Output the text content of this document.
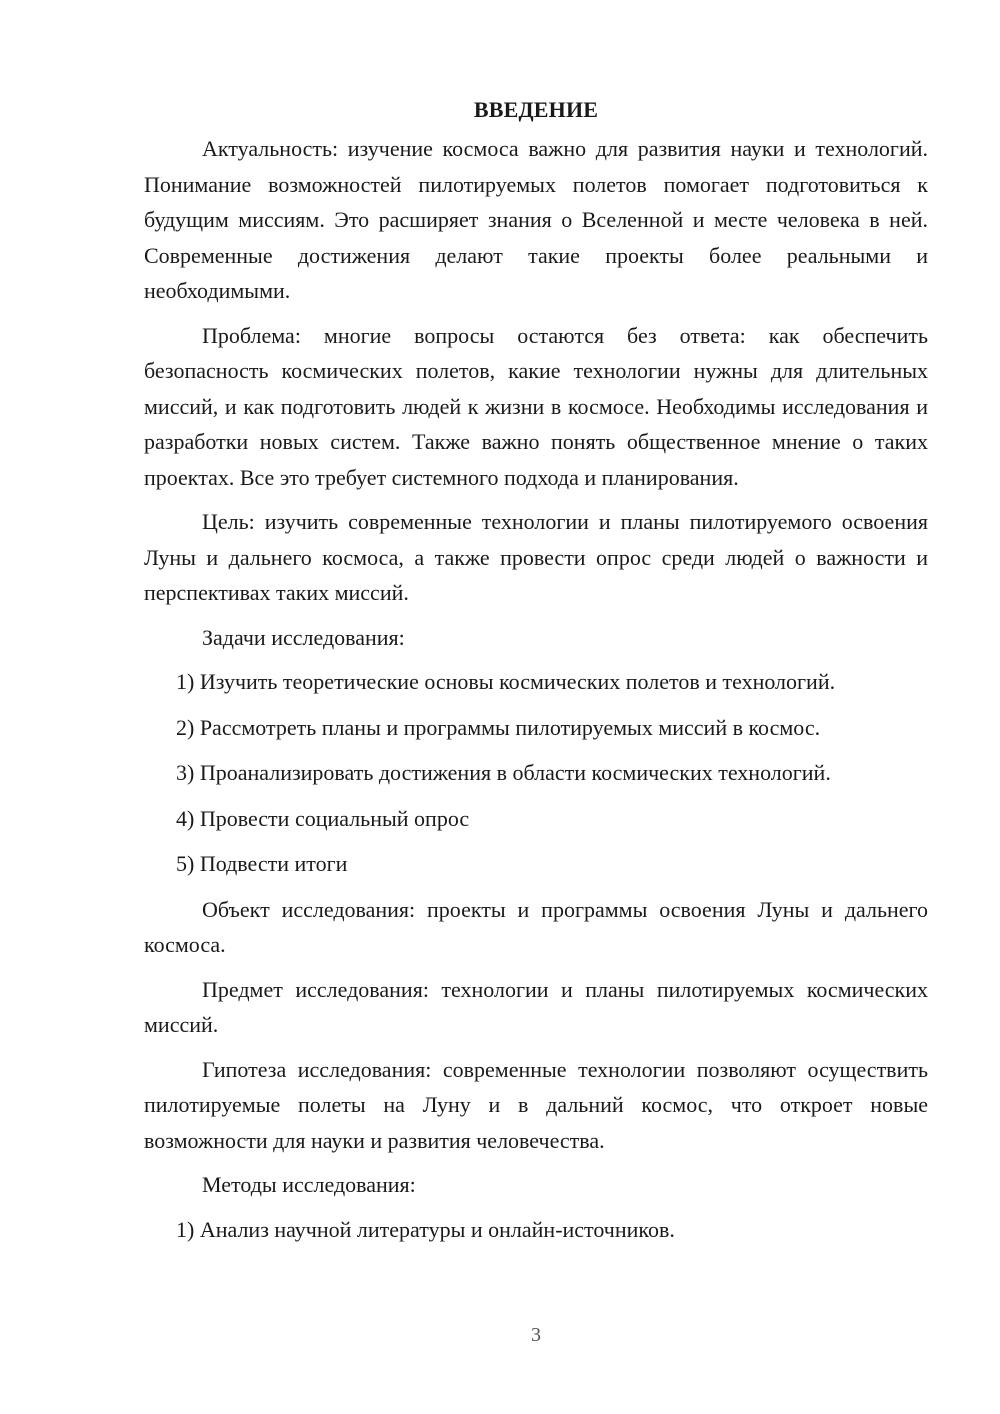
ВВЕДЕНИЕ

Актуальность: изучение космоса важно для развития науки и технологий. Понимание возможностей пилотируемых полетов помогает подготовиться к будущим миссиям. Это расширяет знания о Вселенной и месте человека в ней. Современные достижения делают такие проекты более реальными и необходимыми.

Проблема: многие вопросы остаются без ответа: как обеспечить безопасность космических полетов, какие технологии нужны для длительных миссий, и как подготовить людей к жизни в космосе. Необходимы исследования и разработки новых систем. Также важно понять общественное мнение о таких проектах. Все это требует системного подхода и планирования.

Цель: изучить современные технологии и планы пилотируемого освоения Луны и дальнего космоса, а также провести опрос среди людей о важности и перспективах таких миссий.

Задачи исследования:

1) Изучить теоретические основы космических полетов и технологий.
2) Рассмотреть планы и программы пилотируемых миссий в космос.
3) Проанализировать достижения в области космических технологий.
4) Провести социальный опрос
5) Подвести итоги

Объект исследования: проекты и программы освоения Луны и дальнего космоса.

Предмет исследования: технологии и планы пилотируемых космических миссий.

Гипотеза исследования: современные технологии позволяют осуществить пилотируемые полеты на Луну и в дальний космос, что откроет новые возможности для науки и развития человечества.

Методы исследования:

1) Анализ научной литературы и онлайн-источников.
3
